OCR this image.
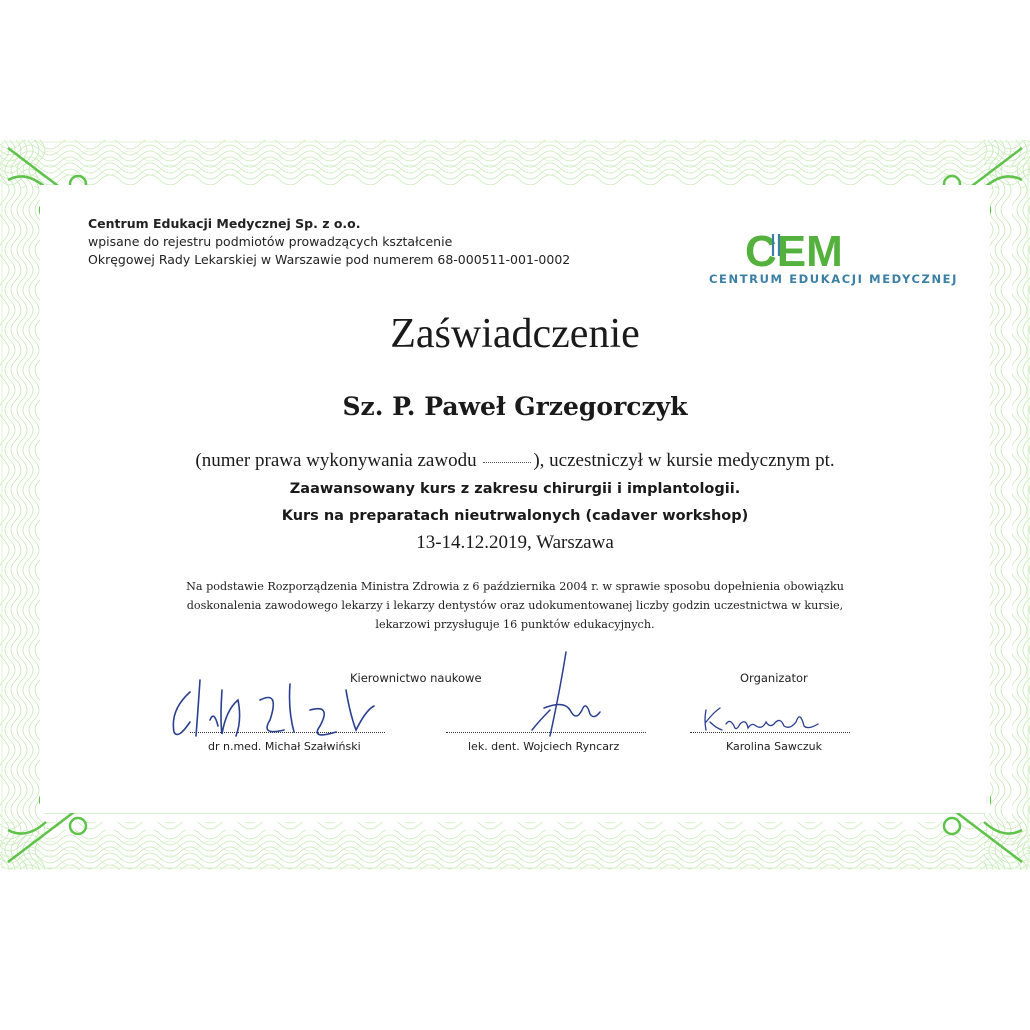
Centrum Edukacji Medycznej Sp. z o.o.
wpisane do rejestru podmiotów prowadzących kształcenie
Okręgowej Rady Lekarskiej w Warszawie pod numerem 68-000511-001-0002	CEM
CENTRUM EDUKACJI MEDYCZNEJ
Zaświadczenie
Sz. P. Paweł Grzegorczyk
(numer prawa wykonywania zawodu	), uczestniczył w kursie medycznym pt.
Zaawansowany kurs z zakresu chirurgii i implantologii.
Kurs na preparatach nieutrwalonych (cadaver workshop)
13-14.12.2019, Warszawa
Na podstawie Rozporządzenia Ministra Zdrowia z 6 października 2004 r. w sprawie sposobu dopełnienia obowiązku
doskonalenia zawodowego lekarzy i lekarzy dentystów oraz udokumentowanej liczby godzin uczestnictwa w kursie,
lekarzowi przysługuje 16 punktów edukacyjnych.
Kierownictwo naukowe	Organizator
dr n.med. Michał Szałwiński	lek. dent. Wojciech Ryncarz	Karolina Sawczuk
